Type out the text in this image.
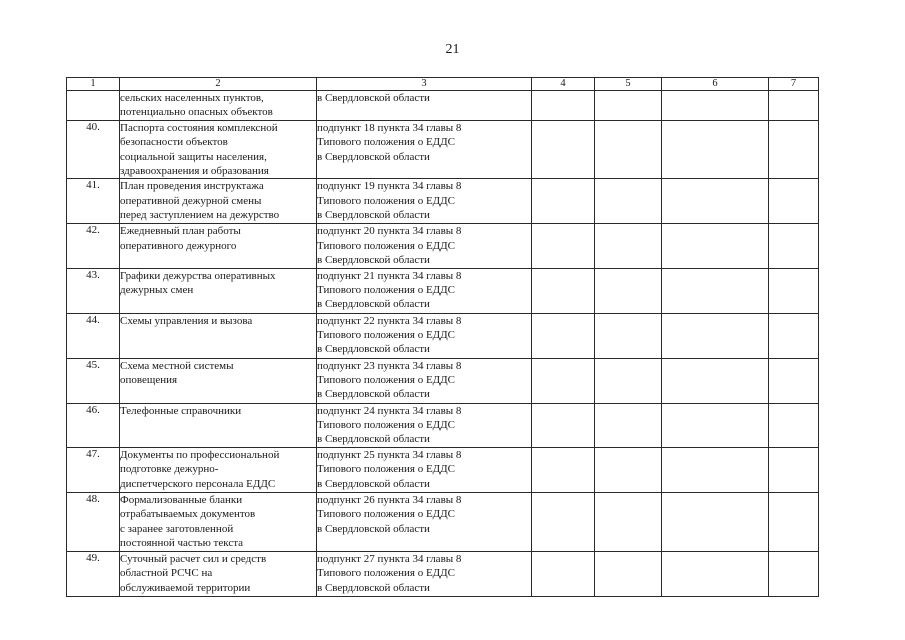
21
1	2	3	4	5	6	7
	сельских населенных пунктов,
потенциально опасных объектов	в Свердловской области				
40.	Паспорта состояния комплексной
безопасности объектов
социальной защиты населения,
здравоохранения и образования	подпункт 18 пункта 34 главы 8
Типового положения о ЕДДС
в Свердловской области				
41.	План проведения инструктажа
оперативной дежурной смены
перед заступлением на дежурство	подпункт 19 пункта 34 главы 8
Типового положения о ЕДДС
в Свердловской области				
42.	Ежедневный план работы
оперативного дежурного	подпункт 20 пункта 34 главы 8
Типового положения о ЕДДС
в Свердловской области				
43.	Графики дежурства оперативных
дежурных смен	подпункт 21 пункта 34 главы 8
Типового положения о ЕДДС
в Свердловской области				
44.	Схемы управления и вызова	подпункт 22 пункта 34 главы 8
Типового положения о ЕДДС
в Свердловской области				
45.	Схема местной системы
оповещения	подпункт 23 пункта 34 главы 8
Типового положения о ЕДДС
в Свердловской области				
46.	Телефонные справочники	подпункт 24 пункта 34 главы 8
Типового положения о ЕДДС
в Свердловской области				
47.	Документы по профессиональной
подготовке дежурно-
диспетчерского персонала ЕДДС	подпункт 25 пункта 34 главы 8
Типового положения о ЕДДС
в Свердловской области				
48.	Формализованные бланки
отрабатываемых документов
с заранее заготовленной
постоянной частью текста	подпункт 26 пункта 34 главы 8
Типового положения о ЕДДС
в Свердловской области				
49.	Суточный расчет сил и средств
областной РСЧС на
обслуживаемой территории	подпункт 27 пункта 34 главы 8
Типового положения о ЕДДС
в Свердловской области				
